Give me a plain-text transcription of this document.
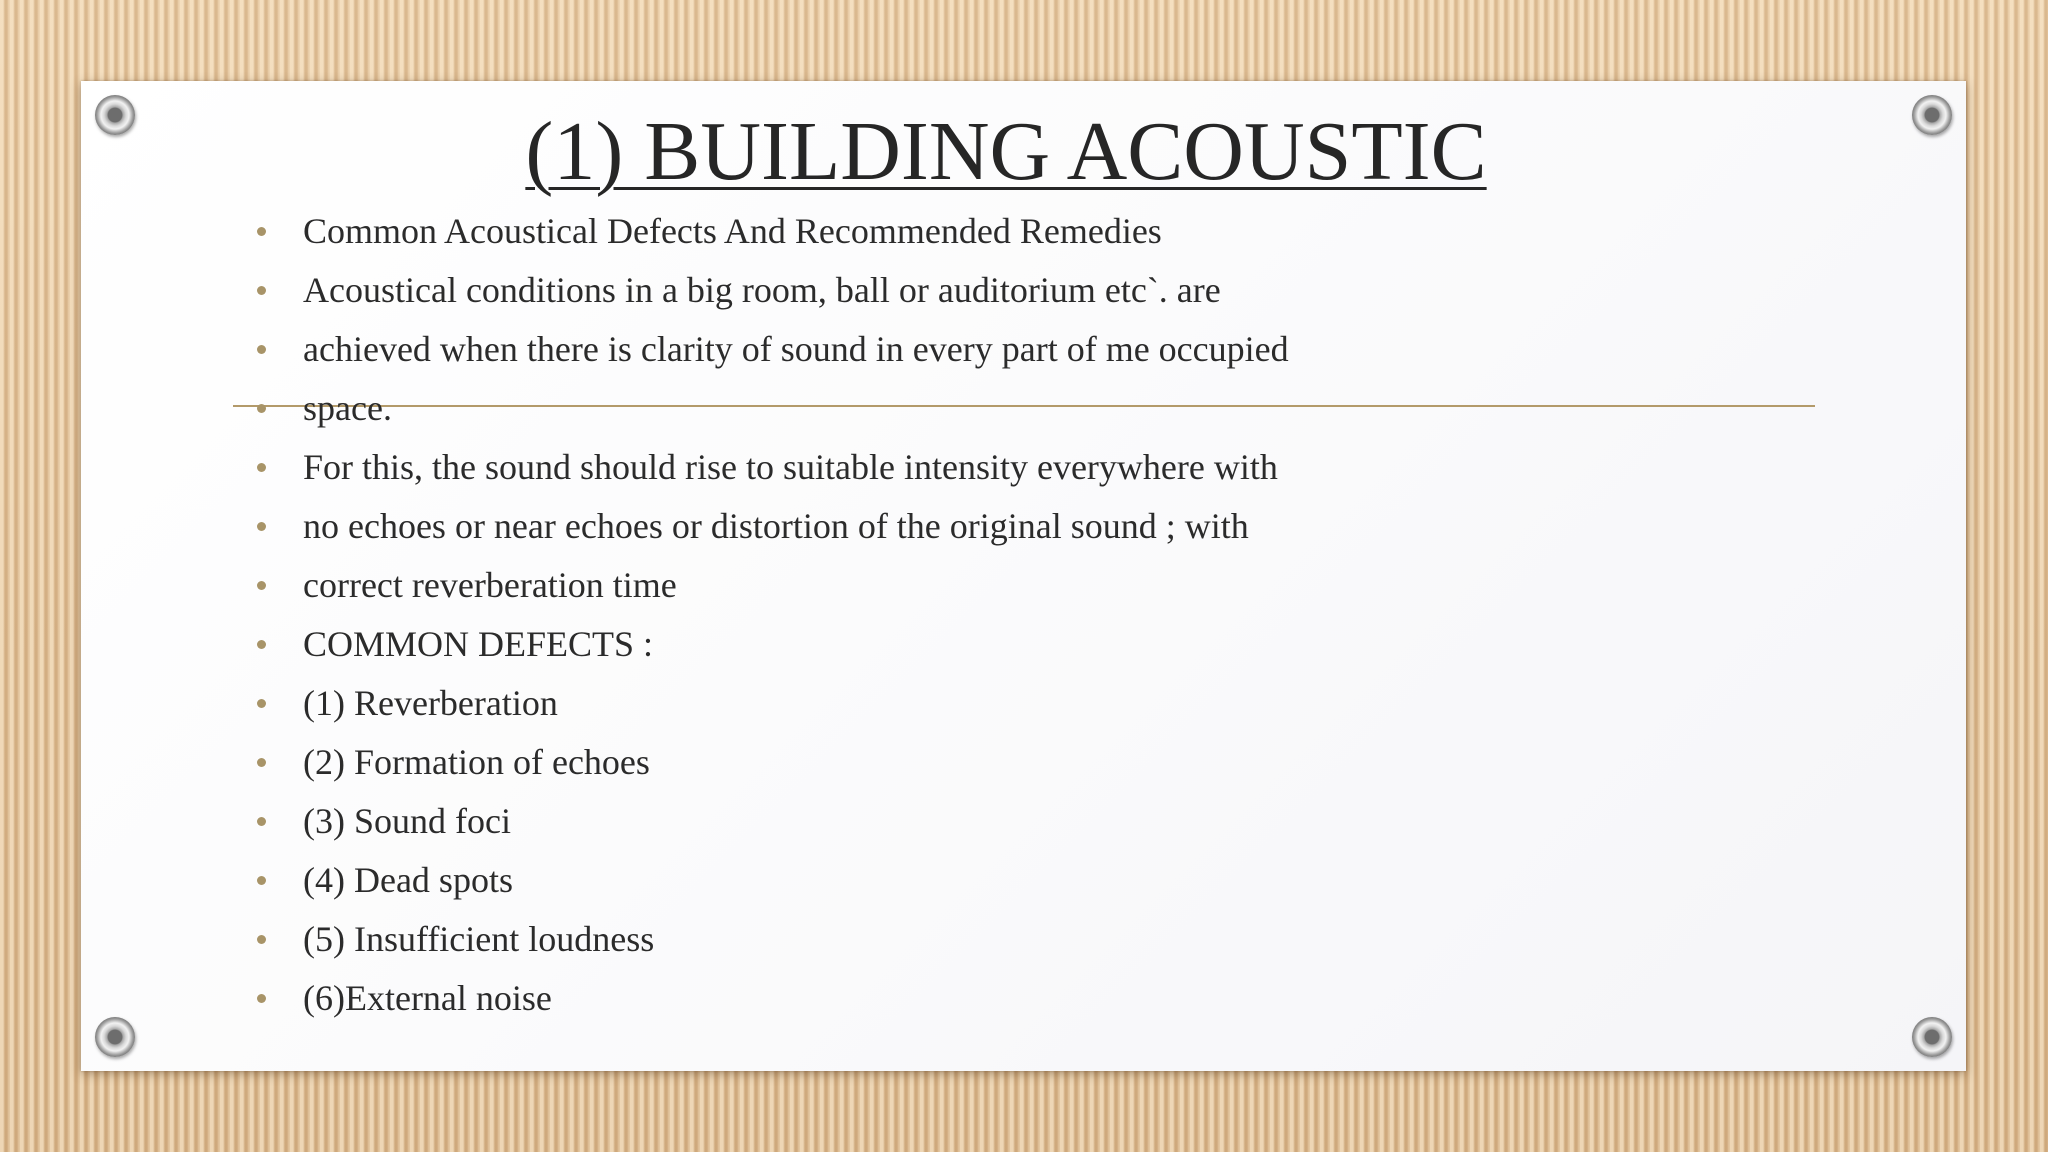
(1) BUILDING ACOUSTIC
Common Acoustical Defects And Recommended Remedies
Acoustical conditions in a big room, ball or auditorium etc`. are
achieved when there is clarity of sound in every part of me occupied
space.
For this, the sound should rise to suitable intensity everywhere with
no echoes or near echoes or distortion of the original sound ; with
correct reverberation time
COMMON DEFECTS :
(1) Reverberation
(2) Formation of echoes
(3) Sound foci
(4) Dead spots
(5) Insufficient loudness
(6)External noise
